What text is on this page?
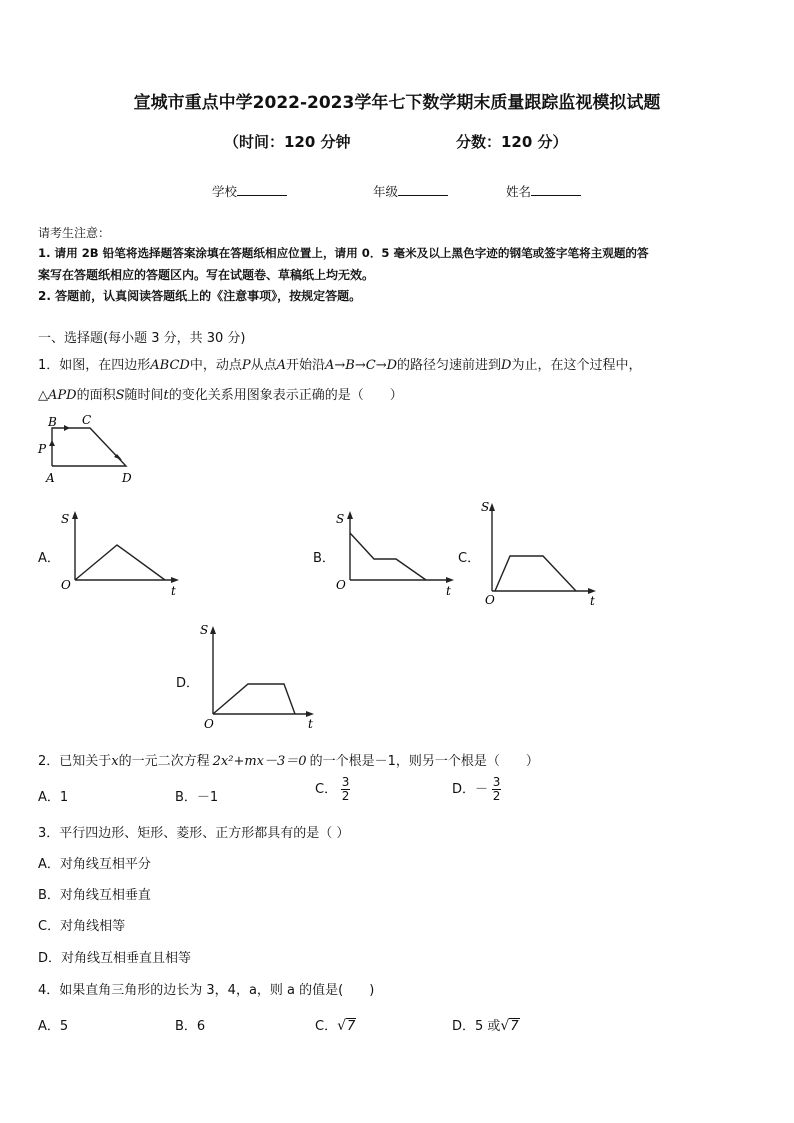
宣城市重点中学2022-2023学年七下数学期末质量跟踪监视模拟试题
（时间：120 分钟	分数：120 分）
学校	年级	姓名
请考生注意：
1. 请用 2B 铅笔将选择题答案涂填在答题纸相应位置上，请用 0．5 毫米及以上黑色字迹的钢笔或签字笔将主观题的答
案写在答题纸相应的答题区内。写在试题卷、草稿纸上均无效。
2. 答题前，认真阅读答题纸上的《注意事项》，按规定答题。
一、选择题(每小题 3 分，共 30 分)
1．如图，在四边形ABCD中，动点P从点A开始沿A→B→C→D的路径匀速前进到D为止，在这个过程中，
△APD的面积S随时间t的变化关系用图象表示正确的是（　　）
B C
P
A	D
A．	B．	C．
D．
S
O	t
S
O	t
S
O	t
S
O	t
2．已知关于x的一元二次方程 2x²+mx－3＝0 的一个根是－1，则另一个根是（　　）
A．1	B．－1
C． $\frac{3}{2}$	D．－ $\frac{3}{2}$
3．平行四边形、矩形、菱形、正方形都具有的是（ ）
A．对角线互相平分
B．对角线互相垂直
C．对角线相等
D．对角线互相垂直且相等
4．如果直角三角形的边长为 3，4，a，则 a 的值是(　　)
A．5	B．6	C．√7	D．5 或√7
